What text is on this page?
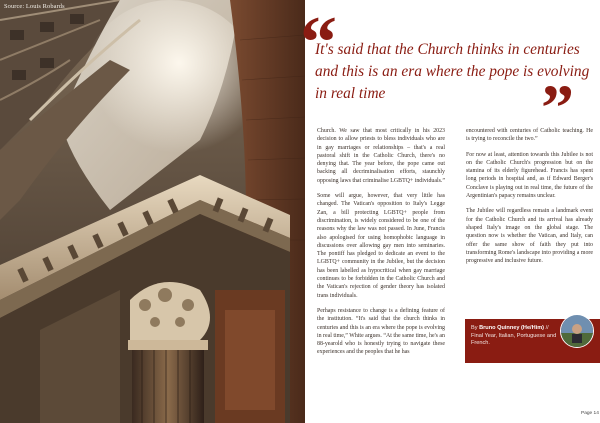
Source: Louis Robards	“
It's said that the Church thinks in centuries and this is an era where the pope is evolving in real time	”

Church. We saw that most critically in his 2023 decision to allow priests to bless individuals who are in gay marriages or relationships – that's a real pastoral shift in the Catholic Church, there's no denying that. The year before, the pope came out backing all decriminalisation efforts, staunchly opposing laws that criminalise LGBTQ+ individuals.”

Some will argue, however, that very little has changed. The Vatican's opposition to Italy's Legge Zan, a bill protecting LGBTQ+ people from discrimination, is widely considered to be one of the reasons why the law was not passed. In June, Francis also apologised for using homophobic language in discussions over allowing gay men into seminaries. The pontiff has pledged to dedicate an event to the LGBTQ+ community in the Jubilee, but the decision has been labelled as hypocritical when gay marriage continues to be forbidden in the Catholic Church and the Vatican's rejection of gender theory has isolated trans individuals.

Perhaps resistance to change is a defining feature of the institution. “It's said that the church thinks in centuries and this is an era where the pope is evolving in real time,” White argues. “At the same time, he's an 88-yearold who is honestly trying to navigate these experiences and the peoples that he has

encountered with centuries of Catholic teaching. He is trying to reconcile the two.”

For now at least, attention towards this Jubilee is not on the Catholic Church's progression but on the stamina of its elderly figurehead. Francis has spent long periods in hospital and, as if Edward Berger's Conclave is playing out in real time, the future of the Argentinian's papacy remains unclear.

The Jubilee will regardless remain a landmark event for the Catholic Church and its arrival has already shaped Italy's image on the global stage. The question now is whether the Vatican, and Italy, can offer the same show of faith they put into transforming Rome's landscape into providing a more progressive and inclusive future.

By Bruno Quinney (He/Him) //
Final Year, Italian, Portuguese and French.
Page 14
